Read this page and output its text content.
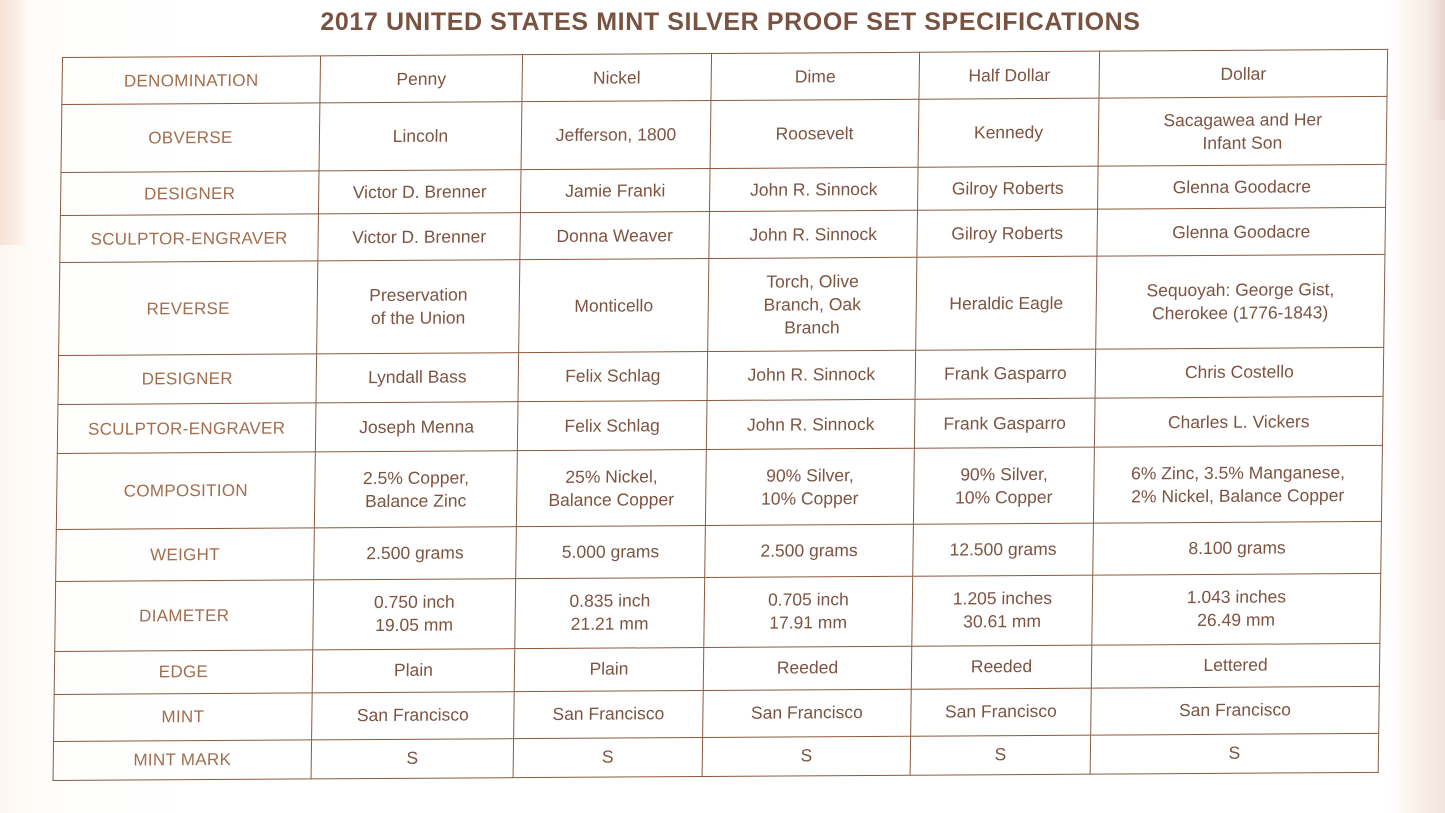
2017 UNITED STATES MINT SILVER PROOF SET SPECIFICATIONS
DENOMINATION	Penny	Nickel	Dime	Half Dollar	Dollar
OBVERSE	Lincoln	Jefferson, 1800	Roosevelt	Kennedy	Sacagawea and Her
Infant Son
DESIGNER	Victor D. Brenner	Jamie Franki	John R. Sinnock	Gilroy Roberts	Glenna Goodacre
SCULPTOR-ENGRAVER	Victor D. Brenner	Donna Weaver	John R. Sinnock	Gilroy Roberts	Glenna Goodacre
REVERSE	Preservation
of the Union	Monticello	Torch, Olive
Branch, Oak
Branch	Heraldic Eagle	Sequoyah: George Gist,
Cherokee (1776-1843)
DESIGNER	Lyndall Bass	Felix Schlag	John R. Sinnock	Frank Gasparro	Chris Costello
SCULPTOR-ENGRAVER	Joseph Menna	Felix Schlag	John R. Sinnock	Frank Gasparro	Charles L. Vickers
COMPOSITION	2.5% Copper,
Balance Zinc	25% Nickel,
Balance Copper	90% Silver,
10% Copper	90% Silver,
10% Copper	6% Zinc, 3.5% Manganese,
2% Nickel, Balance Copper
WEIGHT	2.500 grams	5.000 grams	2.500 grams	12.500 grams	8.100 grams
DIAMETER	0.750 inch
19.05 mm	0.835 inch
21.21 mm	0.705 inch
17.91 mm	1.205 inches
30.61 mm	1.043 inches
26.49 mm
EDGE	Plain	Plain	Reeded	Reeded	Lettered
MINT	San Francisco	San Francisco	San Francisco	San Francisco	San Francisco
MINT MARK	S	S	S	S	S
